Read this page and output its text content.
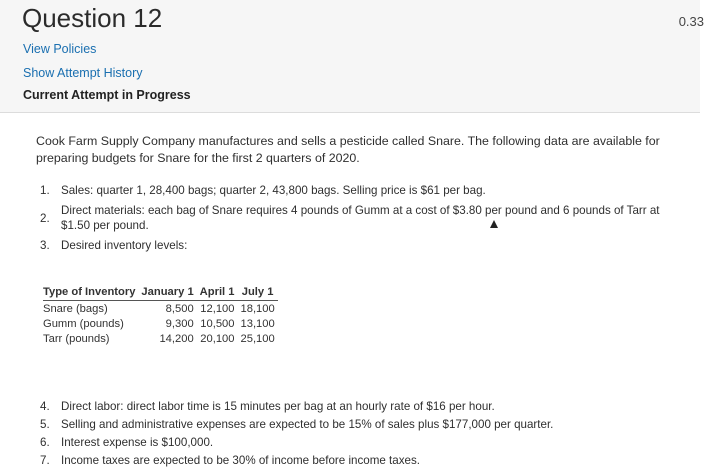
Question 12	0.33
View Policies
Show Attempt History
Current Attempt in Progress
Cook Farm Supply Company manufactures and sells a pesticide called Snare. The following data are available for preparing budgets for Snare for the first 2 quarters of 2020.
1. Sales: quarter 1, 28,400 bags; quarter 2, 43,800 bags. Selling price is $61 per bag.
2.
Direct materials: each bag of Snare requires 4 pounds of Gumm at a cost of $3.80 per pound and 6 pounds of Tarr at $1.50 per pound.
3. Desired inventory levels:
Type of Inventory	January 1	April 1	July 1
Snare (bags)	8,500	12,100	18,100
Gumm (pounds)	9,300	10,500	13,100
Tarr (pounds)	14,200	20,100	25,100
4. Direct labor: direct labor time is 15 minutes per bag at an hourly rate of $16 per hour.
5. Selling and administrative expenses are expected to be 15% of sales plus $177,000 per quarter.
6. Interest expense is $100,000.
7. Income taxes are expected to be 30% of income before income taxes.
